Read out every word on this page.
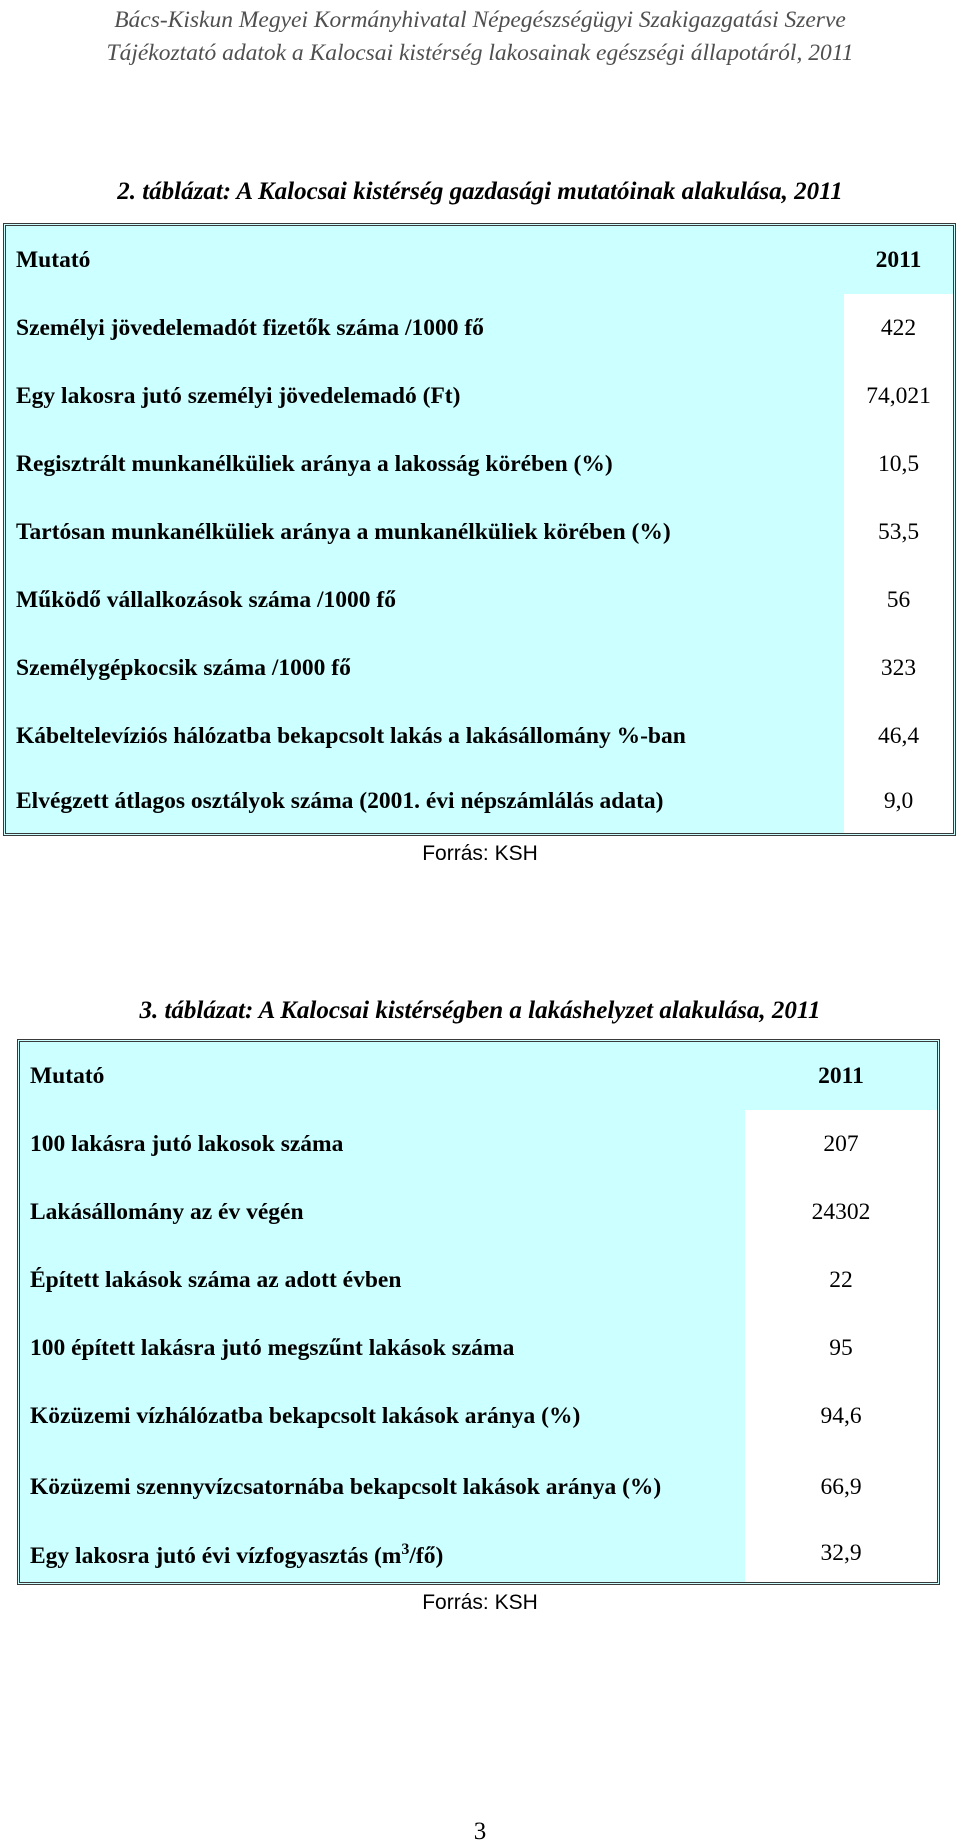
Bács-Kiskun Megyei Kormányhivatal Népegészségügyi Szakigazgatási Szerve
Tájékoztató adatok a Kalocsai kistérség lakosainak egészségi állapotáról, 2011
2. táblázat: A Kalocsai kistérség gazdasági mutatóinak alakulása, 2011
Mutató	2011
Személyi jövedelemadót fizetők száma /1000 fő	422
Egy lakosra jutó személyi jövedelemadó (Ft)	74,021
Regisztrált munkanélküliek aránya a lakosság körében (%)	10,5
Tartósan munkanélküliek aránya a munkanélküliek körében (%)	53,5
Működő vállalkozások száma /1000 fő	56
Személygépkocsik száma /1000 fő	323
Kábeltelevíziós hálózatba bekapcsolt lakás a lakásállomány %-ban	46,4
Elvégzett átlagos osztályok száma (2001. évi népszámlálás adata)	9,0
Forrás: KSH
3. táblázat: A Kalocsai kistérségben a lakáshelyzet alakulása, 2011
Mutató	2011
100 lakásra jutó lakosok száma	207
Lakásállomány az év végén	24302
Épített lakások száma az adott évben	22
100 épített lakásra jutó megszűnt lakások száma	95
Közüzemi vízhálózatba bekapcsolt lakások aránya (%)	94,6
Közüzemi szennyvízcsatornába bekapcsolt lakások aránya (%)	66,9
Egy lakosra jutó évi vízfogyasztás $(m^3/fő)$	32,9
Forrás: KSH
3
